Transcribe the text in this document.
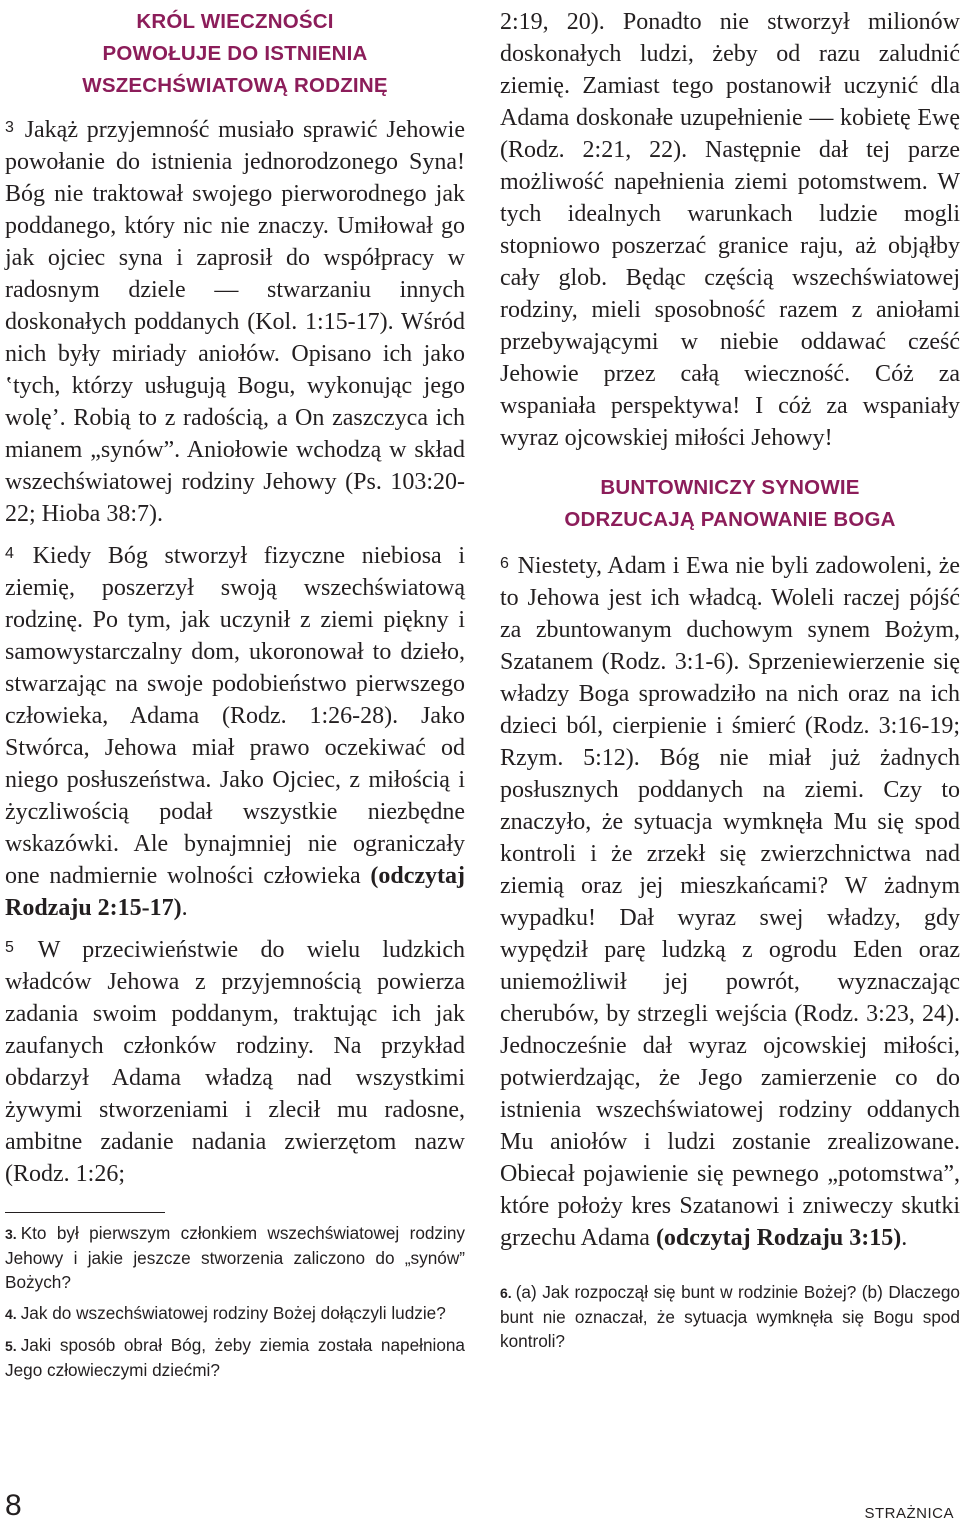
KRÓL WIECZNOŚCI
POWOŁUJE DO ISTNIENIA
WSZECHŚWIATOWĄ RODZINĘ

$^3$ Jakąż przyjemność musiało sprawić Jehowie powołanie do istnienia jednorodzonego Syna! Bóg nie traktował swojego pierworodnego jak poddanego, który nic nie znaczy. Umiłował go jak ojciec syna i zaprosił do współpracy w radosnym dziele — stwarzaniu innych doskonałych poddanych (Kol. 1:15-17). Wśród nich były miriady aniołów. Opisano ich jako ‛tych, którzy usługują Bogu, wykonując jego wolę’. Robią to z radością, a On zaszczyca ich mianem „synów”. Aniołowie wchodzą w skład wszechświatowej rodziny Jehowy (Ps. 103:20-22; Hioba 38:7).

$^4$ Kiedy Bóg stworzył fizyczne niebiosa i ziemię, poszerzył swoją wszechświatową rodzinę. Po tym, jak uczynił z ziemi piękny i samowystarczalny dom, ukoronował to dzieło, stwarzając na swoje podobieństwo pierwszego człowieka, Adama (Rodz. 1:26-28). Jako Stwórca, Jehowa miał prawo oczekiwać od niego posłuszeństwa. Jako Ojciec, z miłością i życzliwością podał wszystkie niezbędne wskazówki. Ale bynajmniej nie ograniczały one nadmiernie wolności człowieka (odczytaj Rodzaju 2:15-17).

$^5$ W przeciwieństwie do wielu ludzkich władców Jehowa z przyjemnością powierza zadania swoim poddanym, traktując ich jak zaufanych członków rodziny. Na przykład obdarzył Adama władzą nad wszystkimi żywymi stworzeniami i zlecił mu radosne, ambitne zadanie nadania zwierzętom nazw (Rodz. 1:26;

3. Kto był pierwszym członkiem wszechświatowej rodziny Jehowy i jakie jeszcze stworzenia zaliczono do „synów” Bożych?

4. Jak do wszechświatowej rodziny Bożej dołączyli ludzie?

5. Jaki sposób obrał Bóg, żeby ziemia została napełniona Jego człowieczymi dziećmi?

2:19, 20). Ponadto nie stworzył milionów doskonałych ludzi, żeby od razu zaludnić ziemię. Zamiast tego postanowił uczynić dla Adama doskonałe uzupełnienie — kobietę Ewę (Rodz. 2:21, 22). Następnie dał tej parze możliwość napełnienia ziemi potomstwem. W tych idealnych warunkach ludzie mogli stopniowo poszerzać granice raju, aż objąłby cały glob. Będąc częścią wszechświatowej rodziny, mieli sposobność razem z aniołami przebywającymi w niebie oddawać cześć Jehowie przez całą wieczność. Cóż za wspaniała perspektywa! I cóż za wspaniały wyraz ojcowskiej miłości Jehowy!

BUNTOWNICZY SYNOWIE
ODRZUCAJĄ PANOWANIE BOGA

$^6$ Niestety, Adam i Ewa nie byli zadowoleni, że to Jehowa jest ich władcą. Woleli raczej pójść za zbuntowanym duchowym synem Bożym, Szatanem (Rodz. 3:1-6). Sprzeniewierzenie się władzy Boga sprowadziło na nich oraz na ich dzieci ból, cierpienie i śmierć (Rodz. 3:16-19; Rzym. 5:12). Bóg nie miał już żadnych posłusznych poddanych na ziemi. Czy to znaczyło, że sytuacja wymknęła Mu się spod kontroli i że zrzekł się zwierzchnictwa nad ziemią oraz jej mieszkańcami? W żadnym wypadku! Dał wyraz swej władzy, gdy wypędził parę ludzką z ogrodu Eden oraz uniemożliwił jej powrót, wyznaczając cherubów, by strzegli wejścia (Rodz. 3:23, 24). Jednocześnie dał wyraz ojcowskiej miłości, potwierdzając, że Jego zamierzenie co do istnienia wszechświatowej rodziny oddanych Mu aniołów i ludzi zostanie zrealizowane. Obiecał pojawienie się pewnego „potomstwa”, które położy kres Szatanowi i zniweczy skutki grzechu Adama (odczytaj Rodzaju 3:15).

6. (a) Jak rozpoczął się bunt w rodzinie Bożej? (b) Dlaczego bunt nie oznaczał, że sytuacja wymknęła się Bogu spod kontroli?

8	STRAŻNICA
